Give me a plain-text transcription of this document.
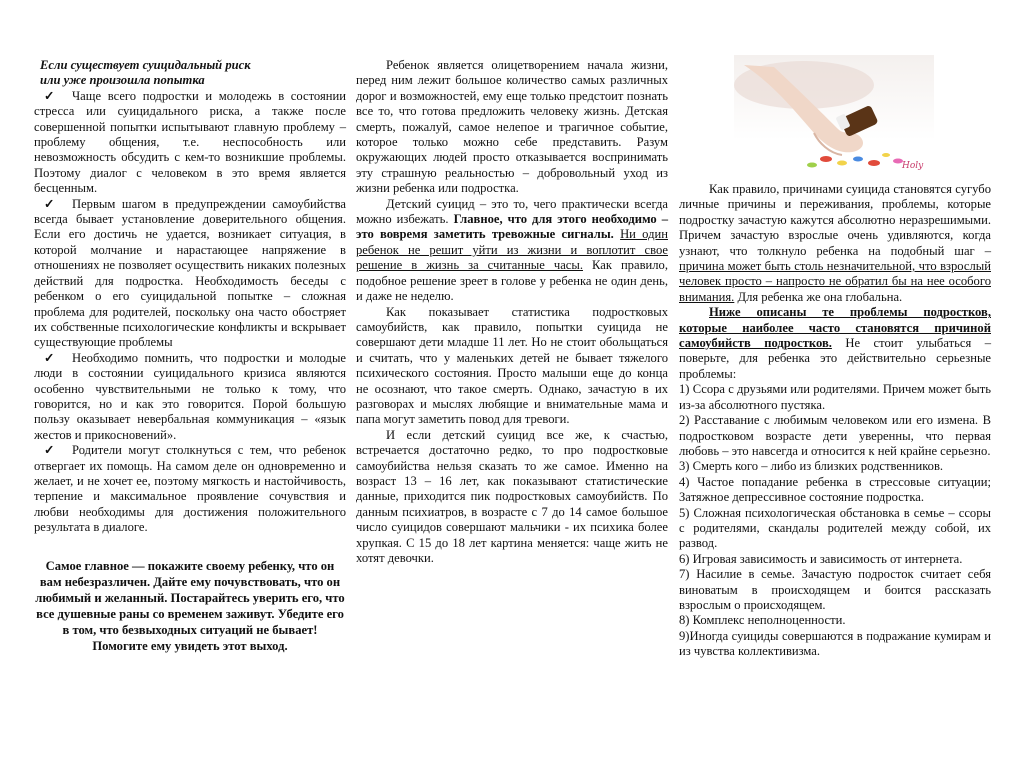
Если существует суицидальный риск
или уже произошла попытка

✓ Чаще всего подростки и молодежь в состоянии стресса или суицидального риска, а также после совершенной попытки испытывают главную проблему – проблему общения, т.е. неспособность или невозможность обсудить с кем-то возникшие проблемы. Поэтому диалог с человеком в это время является бесценным.

✓ Первым шагом в предупреждении самоубийства всегда бывает установление доверительного общения. Если его достичь не удается, возникает ситуация, в которой молчание и нарастающее напряжение в отношениях не позволяет осуществить никаких полезных действий для подростка. Необходимость беседы с ребенком о его суицидальной попытке – сложная проблема для родителей, поскольку она часто обостряет их собственные психологические конфликты и вскрывает существующие проблемы

✓ Необходимо помнить, что подростки и молодые люди в состоянии суицидального кризиса являются особенно чувствительными не только к тому, что говорится, но и как это говорится. Порой большую пользу оказывает невербальная коммуникация – «язык жестов и прикосновений».

✓ Родители могут столкнуться с тем, что ребенок отвергает их помощь. На самом деле он одновременно и желает, и не хочет ее, поэтому мягкость и настойчивость, терпение и максимальное проявление сочувствия и любви необходимы для достижения положительного результата в диалоге.

Самое главное — покажите своему ребенку, что он вам небезразличен. Дайте ему почувствовать, что он любимый и желанный. Постарайтесь уверить его, что все душевные раны со временем заживут. Убедите его в том, что безвыходных ситуаций не бывает! Помогите ему увидеть этот выход.

Ребенок является олицетворением начала жизни, перед ним лежит большое количество самых различных дорог и возможностей, ему еще только предстоит познать все то, что готова предложить человеку жизнь. Детская смерть, пожалуй, самое нелепое и трагичное событие, которое только можно себе представить. Разум окружающих людей просто отказывается воспринимать эту страшную реальностью – добровольный уход из жизни ребенка или подростка.

Детский суицид – это то, чего практически всегда можно избежать. Главное, что для этого необходимо – это вовремя заметить тревожные сигналы. Ни один ребенок не решит уйти из жизни и воплотит свое решение в жизнь за считанные часы. Как правило, подобное решение зреет в голове у ребенка не один день, и даже не неделю.

Как показывает статистика подростковых самоубийств, как правило, попытки суицида не совершают дети младше 11 лет. Но не стоит обольщаться и считать, что у маленьких детей не бывает тяжелого психического состояния. Просто малыши еще до конца не осознают, что такое смерть. Однако, зачастую в их разговорах и мыслях любящие и внимательные мама и папа могут заметить повод для тревоги.

И если детский суицид все же, к счастью, встречается достаточно редко, то про подростковые самоубийства нельзя сказать то же самое. Именно на возраст 13 – 16 лет, как показывают статистические данные, приходится пик подростковых самоубийств. По данным психиатров, в возрасте с 7 до 14 самое большое число суицидов совершают мальчики - их психика более хрупкая. С 15 до 18 лет картина меняется: чаще жить не хотят девочки.

Holy

Как правило, причинами суицида становятся сугубо личные причины и переживания, проблемы, которые подростку зачастую кажутся абсолютно неразрешимыми. Причем зачастую взрослые очень удивляются, когда узнают, что толкнуло ребенка на подобный шаг – причина может быть столь незначительной, что взрослый человек просто – напросто не обратил бы на нее особого внимания. Для ребенка же она глобальна.

Ниже описаны те проблемы подростков, которые наиболее часто становятся причиной самоубийств подростков. Не стоит улыбаться – поверьте, для ребенка это действительно серьезные проблемы:

1) Ссора с друзьями или родителями. Причем может быть из-за абсолютного пустяка.

2) Расставание с любимым человеком или его измена. В подростковом возрасте дети уверенны, что первая любовь – это навсегда и относится к ней крайне серьезно.

3) Смерть кого – либо из близких родственников.

4) Частое попадание ребенка в стрессовые ситуации; Затяжное депрессивное состояние подростка.

5) Сложная психологическая обстановка в семье – ссоры с родителями, скандалы родителей между собой, их развод.

6) Игровая зависимость и зависимость от интернета.

7) Насилие в семье. Зачастую подросток считает себя виноватым в происходящем и боится рассказать взрослым о происходящем.

8) Комплекс неполноценности.

9)Иногда суициды совершаются в подражание кумирам и из чувства коллективизма.
